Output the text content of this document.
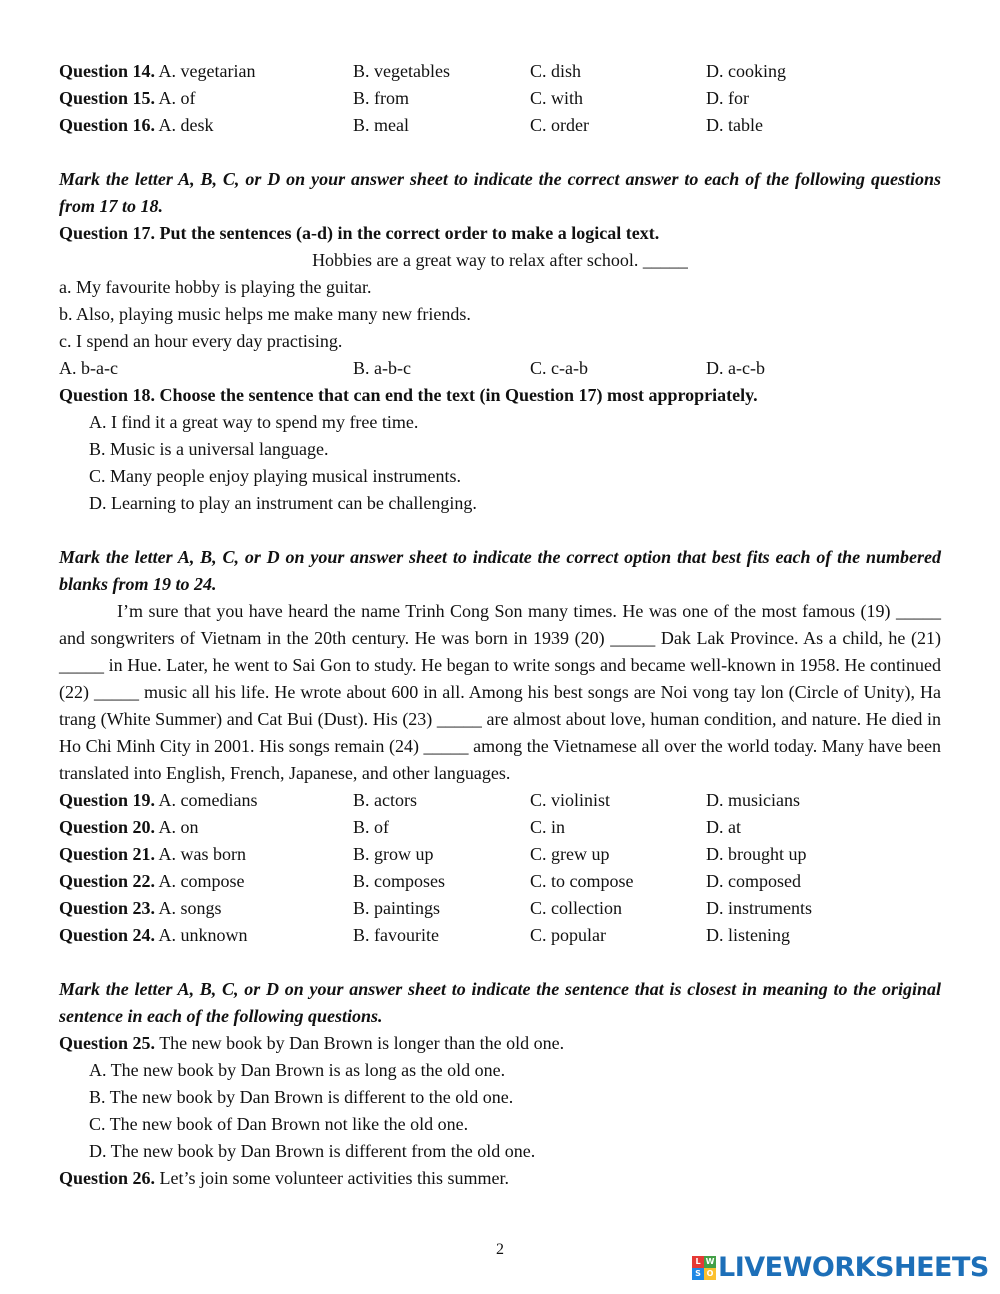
Question 14. A. vegetarian	B. vegetables	C. dish	D. cooking
Question 15. A. of	B. from	C. with	D. for
Question 16. A. desk	B. meal	C. order	D. table
Mark the letter A, B, C, or D on your answer sheet to indicate the correct answer to each of the following questions from 17 to 18.
Question 17. Put the sentences (a-d) in the correct order to make a logical text.
Hobbies are a great way to relax after school. _____
a. My favourite hobby is playing the guitar.
b. Also, playing music helps me make many new friends.
c. I spend an hour every day practising.
A. b-a-c	B. a-b-c	C. c-a-b	D. a-c-b
Question 18. Choose the sentence that can end the text (in Question 17) most appropriately.
A. I find it a great way to spend my free time.
B. Music is a universal language.
C. Many people enjoy playing musical instruments.
D. Learning to play an instrument can be challenging.
Mark the letter A, B, C, or D on your answer sheet to indicate the correct option that best fits each of the numbered blanks from 19 to 24.
I’m sure that you have heard the name Trinh Cong Son many times. He was one of the most famous (19) _____ and songwriters of Vietnam in the 20th century. He was born in 1939 (20) _____ Dak Lak Province. As a child, he (21) _____ in Hue. Later, he went to Sai Gon to study. He began to write songs and became well-known in 1958. He continued (22) _____ music all his life. He wrote about 600 in all. Among his best songs are Noi vong tay lon (Circle of Unity), Ha trang (White Summer) and Cat Bui (Dust). His (23) _____ are almost about love, human condition, and nature. He died in Ho Chi Minh City in 2001. His songs remain (24) _____ among the Vietnamese all over the world today. Many have been translated into English, French, Japanese, and other languages.
Question 19. A. comedians	B. actors	C. violinist	D. musicians
Question 20. A. on	B. of	C. in	D. at
Question 21. A. was born	B. grow up	C. grew up	D. brought up
Question 22. A. compose	B. composes	C. to compose	D. composed
Question 23. A. songs	B. paintings	C. collection	D. instruments
Question 24. A. unknown	B. favourite	C. popular	D. listening
Mark the letter A, B, C, or D on your answer sheet to indicate the sentence that is closest in meaning to the original sentence in each of the following questions.
Question 25. The new book by Dan Brown is longer than the old one.
A. The new book by Dan Brown is as long as the old one.
B. The new book by Dan Brown is different to the old one.
C. The new book of Dan Brown not like the old one.
D. The new book by Dan Brown is different from the old one.
Question 26. Let’s join some volunteer activities this summer.
2
L W
S O LIVEWORKSHEETS
